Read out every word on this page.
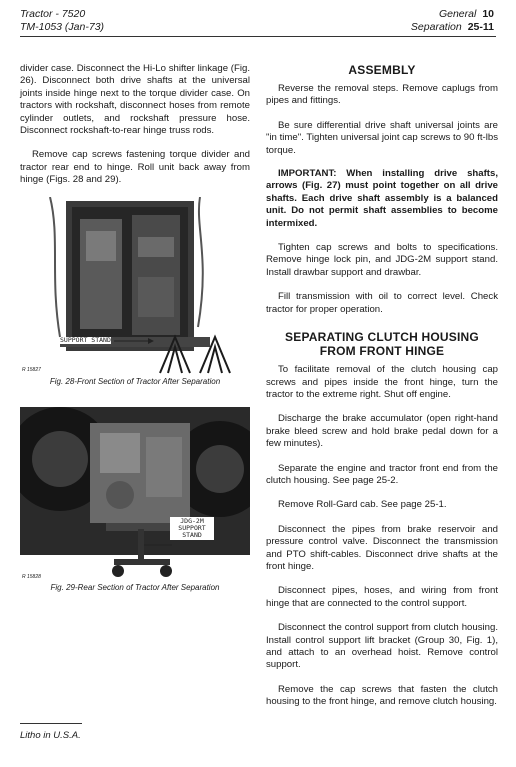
Tractor - 7520
TM-1053 (Jan-73)
General 10
Separation 25-11

divider case. Disconnect the Hi-Lo shifter linkage (Fig. 26). Disconnect both drive shafts at the universal joints inside hinge next to the torque divider case. On tractors with rockshaft, disconnect hoses from remote cylinder outlets, and rockshaft pressure hose. Disconnect rockshaft-to-rear hinge truss rods.

Remove cap screws fastening torque divider and tractor rear end to hinge. Roll unit back away from hinge (Figs. 28 and 29).

SUPPORT STAND
R 15827
Fig. 28-Front Section of Tractor After Separation
JDG-2M
SUPPORT
STAND
R 15828
Fig. 29-Rear Section of Tractor After Separation
ASSEMBLY

Reverse the removal steps. Remove caplugs from pipes and fittings.

Be sure differential drive shaft universal joints are "in time". Tighten universal joint cap screws to 90 ft-lbs torque.

IMPORTANT: When installing drive shafts, arrows (Fig. 27) must point together on all drive shafts. Each drive shaft assembly is a balanced unit. Do not permit shaft assemblies to become intermixed.

Tighten cap screws and bolts to specifications. Remove hinge lock pin, and JDG-2M support stand. Install drawbar support and drawbar.

Fill transmission with oil to correct level. Check tractor for proper operation.

SEPARATING CLUTCH HOUSING
FROM FRONT HINGE

To facilitate removal of the clutch housing cap screws and pipes inside the front hinge, turn the tractor to the extreme right. Shut off engine.

Discharge the brake accumulator (open right-hand brake bleed screw and hold brake pedal down for a few minutes).

Separate the engine and tractor front end from the clutch housing. See page 25-2.

Remove Roll-Gard cab. See page 25-1.

Disconnect the pipes from brake reservoir and pressure control valve. Disconnect the transmission and PTO shift-cables. Disconnect drive shafts at the front hinge.

Disconnect pipes, hoses, and wiring from front hinge that are connected to the control support.

Disconnect the control support from clutch housing. Install control support lift bracket (Group 30, Fig. 1), and attach to an overhead hoist. Remove control support.

Remove the cap screws that fasten the clutch housing to the front hinge, and remove clutch housing.

Litho in U.S.A.
